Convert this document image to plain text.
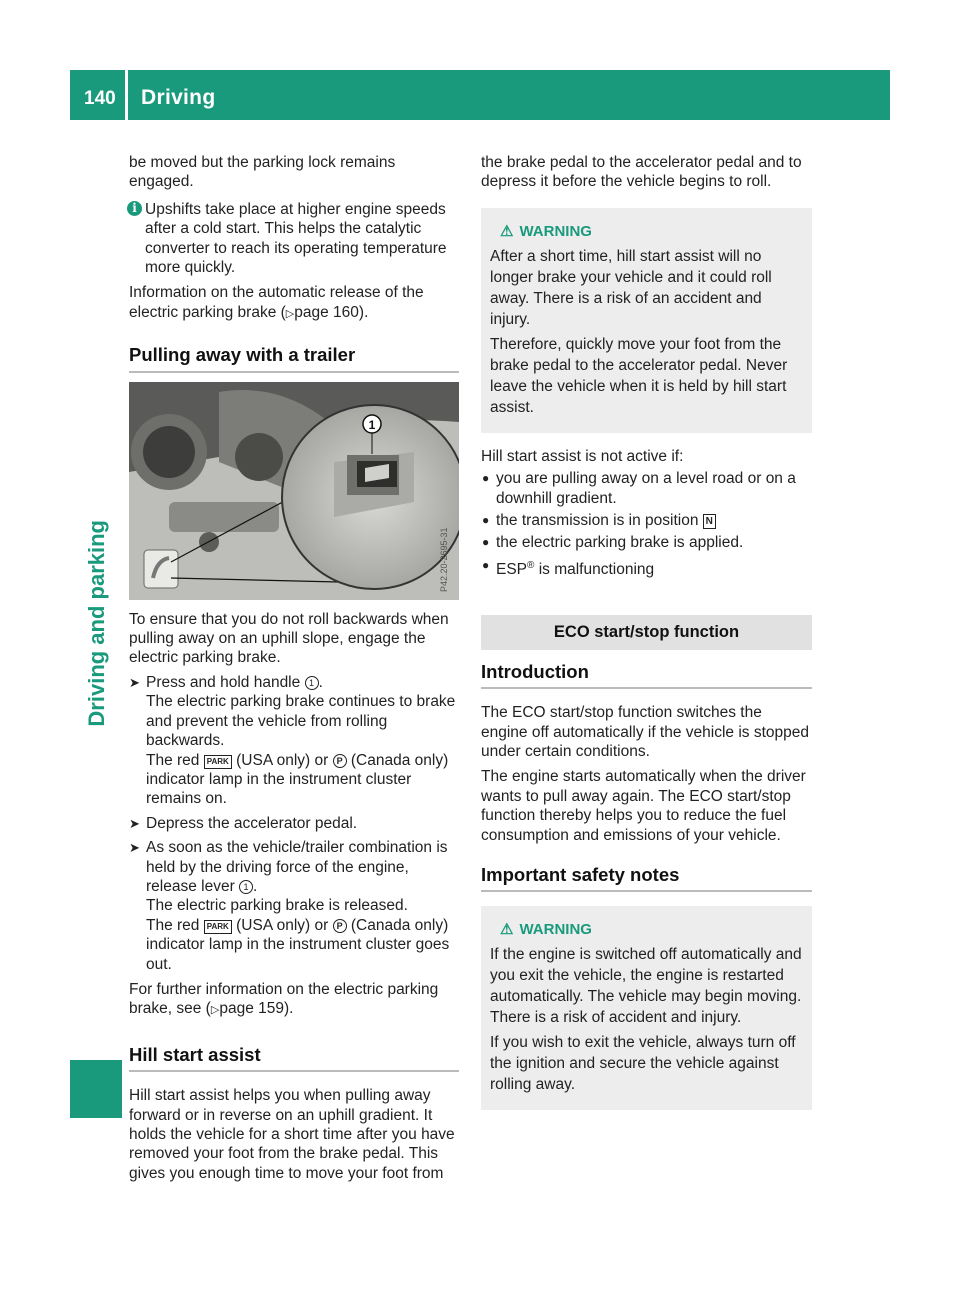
140 Driving
Driving and parking

be moved but the parking lock remains engaged.

i Upshifts take place at higher engine speeds after a cold start. This helps the catalytic converter to reach its operating temperature more quickly.

Information on the automatic release of the electric parking brake (▷page 160).

Pulling away with a trailer
1
P42.20-2695-31

To ensure that you do not roll backwards when pulling away on an uphill slope, engage the electric parking brake.

➤ Press and hold handle 1 .

The electric parking brake continues to brake and prevent the vehicle from rolling backwards.

The red PARK (USA only) or P (Canada only) indicator lamp in the instrument cluster remains on.

➤ Depress the accelerator pedal.
➤ As soon as the vehicle/trailer combination is held by the driving force of the engine, release lever 1 .

The electric parking brake is released.

The red PARK (USA only) or P (Canada only) indicator lamp in the instrument cluster goes out.

For further information on the electric parking brake, see (▷page 159).

Hill start assist

Hill start assist helps you when pulling away forward or in reverse on an uphill gradient. It holds the vehicle for a short time after you have removed your foot from the brake pedal. This gives you enough time to move your foot from

the brake pedal to the accelerator pedal and to depress it before the vehicle begins to roll.

⚠ WARNING

After a short time, hill start assist will no longer brake your vehicle and it could roll away. There is a risk of an accident and injury.

Therefore, quickly move your foot from the brake pedal to the accelerator pedal. Never leave the vehicle when it is held by hill start assist.

Hill start assist is not active if:

● you are pulling away on a level road or on a downhill gradient.
● the transmission is in position N
● the electric parking brake is applied.
● ESP® is malfunctioning
ECO start/stop function
Introduction

The ECO start/stop function switches the engine off automatically if the vehicle is stopped under certain conditions.

The engine starts automatically when the driver wants to pull away again. The ECO start/stop function thereby helps you to reduce the fuel consumption and emissions of your vehicle.

Important safety notes
⚠ WARNING

If the engine is switched off automatically and you exit the vehicle, the engine is restarted automatically. The vehicle may begin moving. There is a risk of accident and injury.

If you wish to exit the vehicle, always turn off the ignition and secure the vehicle against rolling away.
